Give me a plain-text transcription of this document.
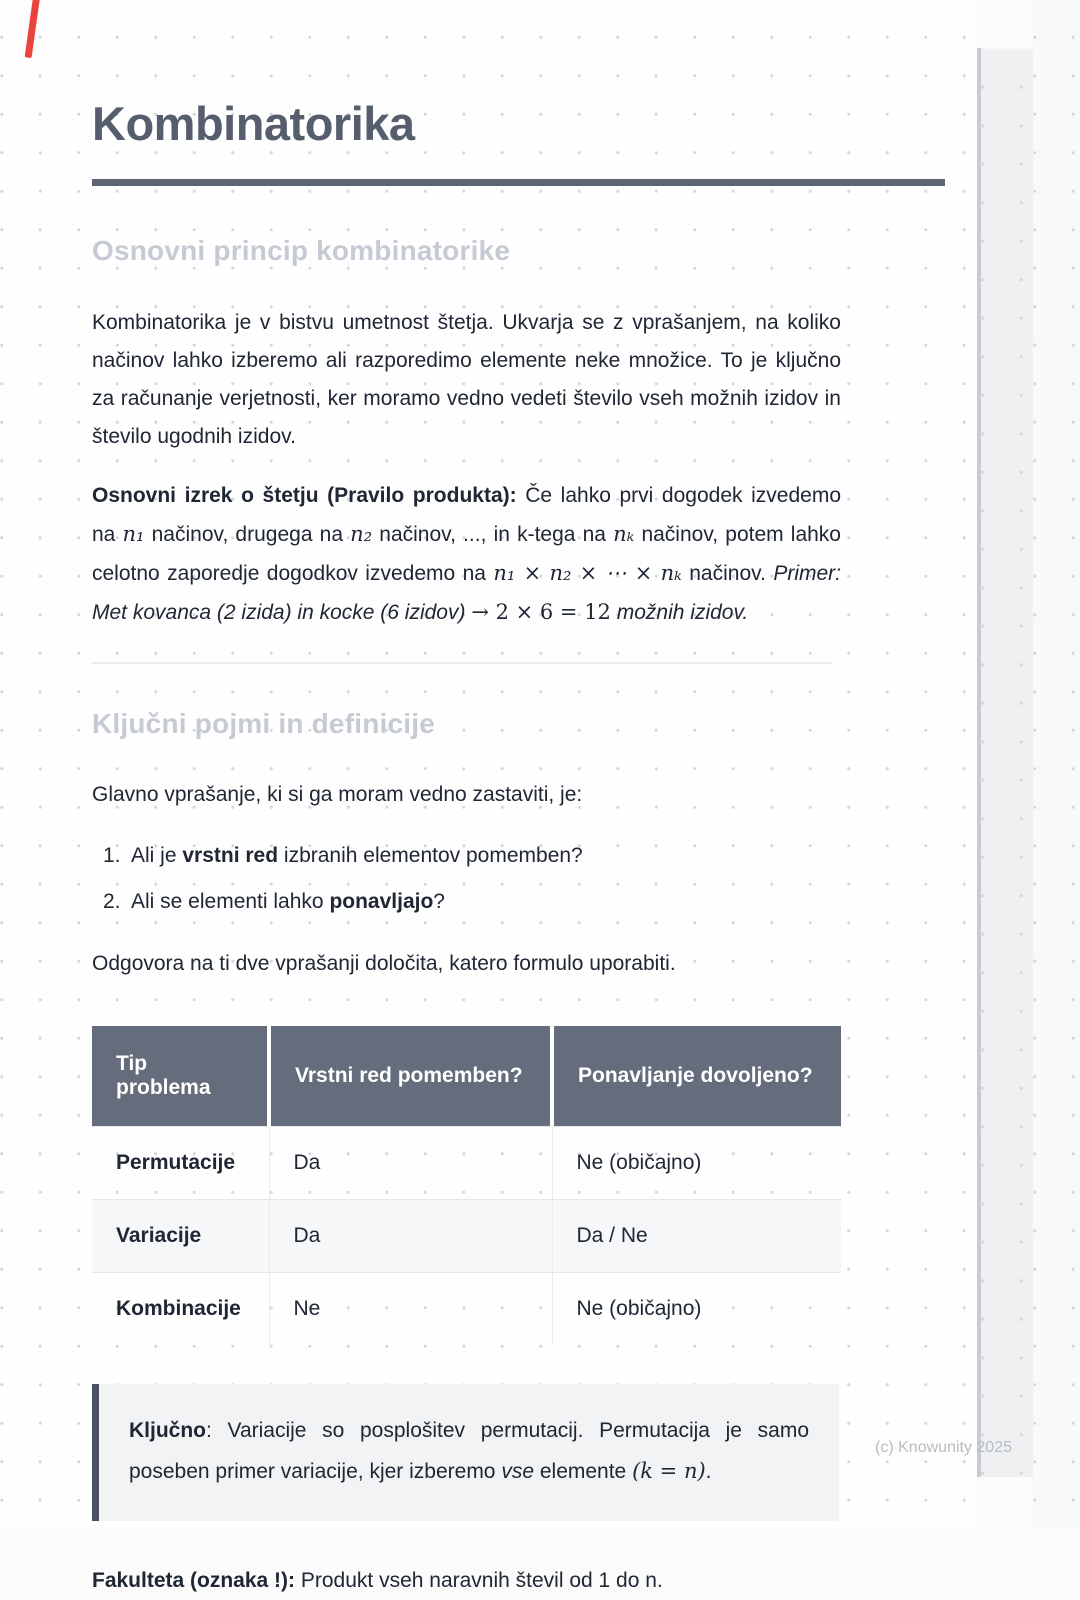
Kombinatorika
Osnovni princip kombinatorike

Kombinatorika je v bistvu umetnost štetja. Ukvarja se z vprašanjem, na koliko načinov lahko izberemo ali razporedimo elemente neke množice. To je ključno za računanje verjetnosti, ker moramo vedno vedeti število vseh možnih izidov in število ugodnih izidov.

Osnovni izrek o štetju (Pravilo produkta): Če lahko prvi dogodek izvedemo na n₁ načinov, drugega na n₂ načinov, ..., in k-tega na nₖ načinov, potem lahko celotno zaporedje dogodkov izvedemo na n₁ × n₂ × ⋯ × nₖ načinov. Primer: Met kovanca (2 izida) in kocke (6 izidov) → 2 × 6 = 12 možnih izidov.

Ključni pojmi in definicije

Glavno vprašanje, ki si ga moram vedno zastaviti, je:

1. Ali je vrstni red izbranih elementov pomemben?
2. Ali se elementi lahko ponavljajo?

Odgovora na ti dve vprašanji določita, katero formulo uporabiti.

Tip problema	Vrstni red pomemben?	Ponavljanje dovoljeno?
Permutacije	Da	Ne (običajno)
Variacije	Da	Da / Ne
Kombinacije	Ne	Ne (običajno)
Ključno: Variacije so posplošitev permutacij. Permutacija je samo poseben primer variacije, kjer izberemo vse elemente (k = n).

Fakulteta (oznaka !): Produkt vseh naravnih števil od 1 do n.

(c) Knowunity 2025
